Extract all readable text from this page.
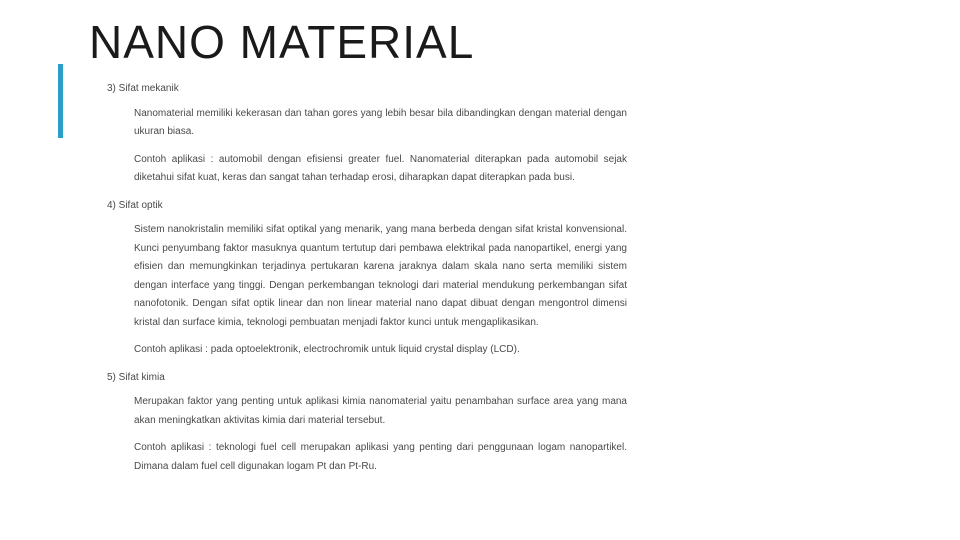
NANO MATERIAL

3) Sifat mekanik

Nanomaterial memiliki kekerasan dan tahan gores yang lebih besar bila dibandingkan dengan material dengan ukuran biasa.

Contoh aplikasi : automobil dengan efisiensi greater fuel. Nanomaterial diterapkan pada automobil sejak diketahui sifat kuat, keras dan sangat tahan terhadap erosi, diharapkan dapat diterapkan pada busi.

4) Sifat optik

Sistem nanokristalin memiliki sifat optikal yang menarik, yang mana berbeda dengan sifat kristal konvensional. Kunci penyumbang faktor masuknya quantum tertutup dari pembawa elektrikal pada nanopartikel, energi yang efisien dan memungkinkan terjadinya pertukaran karena jaraknya dalam skala nano serta memiliki sistem dengan interface yang tinggi. Dengan perkembangan teknologi dari material mendukung perkembangan sifat nanofotonik. Dengan sifat optik linear dan non linear material nano dapat dibuat dengan mengontrol dimensi kristal dan surface kimia, teknologi pembuatan menjadi faktor kunci untuk mengaplikasikan.

Contoh aplikasi : pada optoelektronik, electrochromik untuk liquid crystal display (LCD).

5) Sifat kimia

Merupakan faktor yang penting untuk aplikasi kimia nanomaterial yaitu penambahan surface area yang mana akan meningkatkan aktivitas kimia dari material tersebut.

Contoh aplikasi : teknologi fuel cell merupakan aplikasi yang penting dari penggunaan logam nanopartikel. Dimana dalam fuel cell digunakan logam Pt dan Pt-Ru.
